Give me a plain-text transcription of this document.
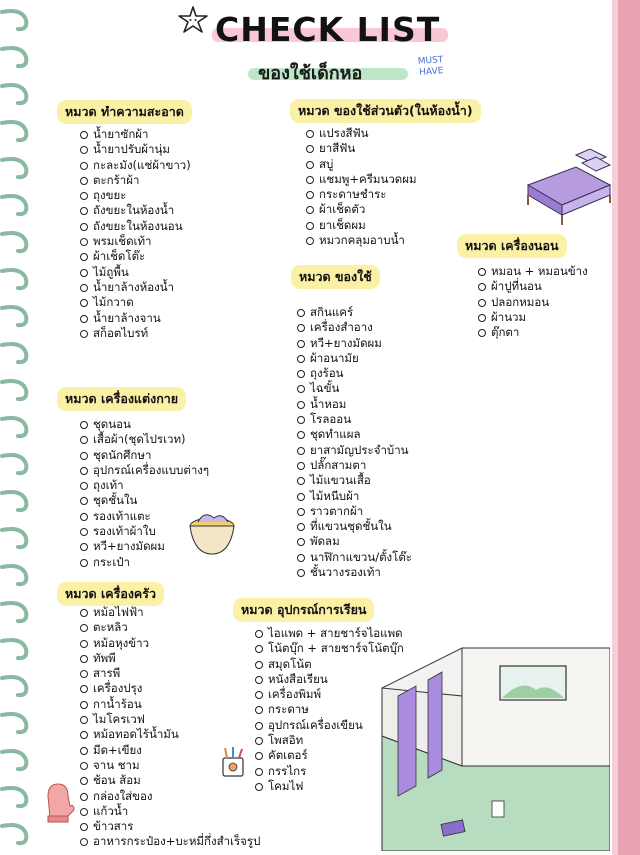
CHECK LIST
ของใช้เด็กหอ
MUST HAVE
หมวด ทำความสะอาด
น้ำยาซักผ้า
น้ำยาปรับผ้านุ่ม
กะละมัง(แช่ผ้าขาว)
ตะกร้าผ้า
ถุงขยะ
ถังขยะในห้องน้ำ
ถังขยะในห้องนอน
พรมเช็ดเท้า
ผ้าเช็ดโต๊ะ
ไม้ถูพื้น
น้ำยาล้างห้องน้ำ
ไม้กวาด
น้ำยาล้างจาน
สก็อตไบรท์
หมวด ของใช้ส่วนตัว(ในห้องน้ำ)
แปรงสีฟัน
ยาสีฟัน
สบู่
แชมพู+ครีมนวดผม
กระดาษชำระ
ผ้าเช็ดตัว
ยาเช็ดผม
หมวกคลุมอาบน้ำ	หมวด เครื่องนอน
หมอน + หมอนข้าง
ผ้าปูที่นอน
ปลอกหมอน
ผ้านวม
ตุ๊กตา
หมวด ของใช้
สกินแคร์
เครื่องสำอาง
หวี+ยางมัดผม
ผ้าอนามัย
ถุงร้อน
ไฉขั้น
น้ำหอม
โรลออน
ชุดทำแผล
ยาสามัญประจำบ้าน
ปลั๊กสามตา
ไม้แขวนเสื้อ
ไม้หนีบผ้า
ราวตากผ้า
ที่แขวนชุดชั้นใน
พัดลม
นาฬิกาแขวน/ตั้งโต๊ะ
ชั้นวางรองเท้า
หมวด เครื่องแต่งกาย
ชุดนอน
เสื้อผ้า(ชุดไปรเวท)
ชุดนักศึกษา
อุปกรณ์เครื่องแบบต่างๆ
ถุงเท้า
ชุดชั้นใน
รองเท้าแตะ
รองเท้าผ้าใบ
หวี+ยางมัดผม
กระเป๋า
หมวด เครื่องครัว
หม้อไฟฟ้า
ตะหลิว
หม้อหุงข้าว
ทัพพี
สารพี
เครื่องปรุง
กาน้ำร้อน
ไมโครเวฟ
หม้อทอดไร้น้ำมัน
มีด+เขียง
จาน ชาม
ช้อน ส้อม
กล่องใส่ของ
แก้วน้ำ
ข้าวสาร
อาหารกระป๋อง+บะหมี่กึ่งสำเร็จรูป
หมวด อุปกรณ์การเรียน
ไอแพด + สายชาร์จไอแพด
โน้ตบุ๊ก + สายชาร์จโน้ตบุ๊ก
สมุดโน้ต
หนังสือเรียน
เครื่องพิมพ์
กระดาษ
อุปกรณ์เครื่องเขียน
โพสอิท
คัตเตอร์
กรรไกร
โคมไฟ
